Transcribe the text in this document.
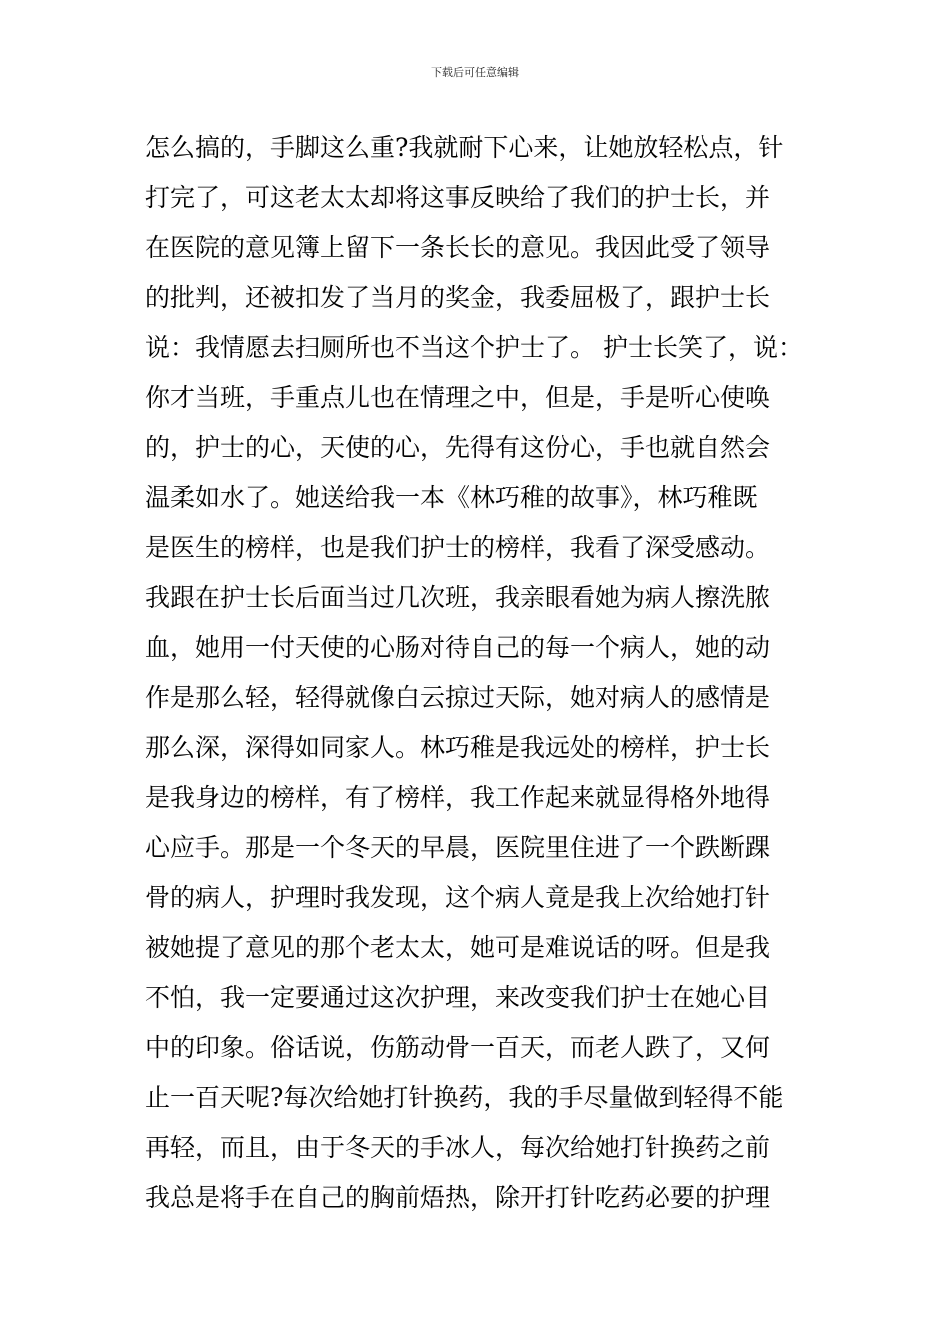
下载后可任意编辑
怎么搞的，手脚这么重?我就耐下心来，让她放轻松点，针
打完了，可这老太太却将这事反映给了我们的护士长，并
在医院的意见簿上留下一条长长的意见。我因此受了领导
的批判，还被扣发了当月的奖金，我委屈极了，跟护士长
说：我情愿去扫厕所也不当这个护士了。 护士长笑了，说：
你才当班，手重点儿也在情理之中，但是，手是听心使唤
的，护士的心，天使的心，先得有这份心，手也就自然会
温柔如水了。她送给我一本《林巧稚的故事》，林巧稚既
是医生的榜样，也是我们护士的榜样，我看了深受感动。
我跟在护士长后面当过几次班，我亲眼看她为病人擦洗脓
血，她用一付天使的心肠对待自己的每一个病人，她的动
作是那么轻，轻得就像白云掠过天际，她对病人的感情是
那么深，深得如同家人。林巧稚是我远处的榜样，护士长
是我身边的榜样，有了榜样，我工作起来就显得格外地得
心应手。那是一个冬天的早晨，医院里住进了一个跌断踝
骨的病人，护理时我发现，这个病人竟是我上次给她打针
被她提了意见的那个老太太，她可是难说话的呀。但是我
不怕，我一定要通过这次护理，来改变我们护士在她心目
中的印象。俗话说，伤筋动骨一百天，而老人跌了，又何
止一百天呢?每次给她打针换药，我的手尽量做到轻得不能
再轻，而且，由于冬天的手冰人，每次给她打针换药之前
我总是将手在自己的胸前焐热，除开打针吃药必要的护理
